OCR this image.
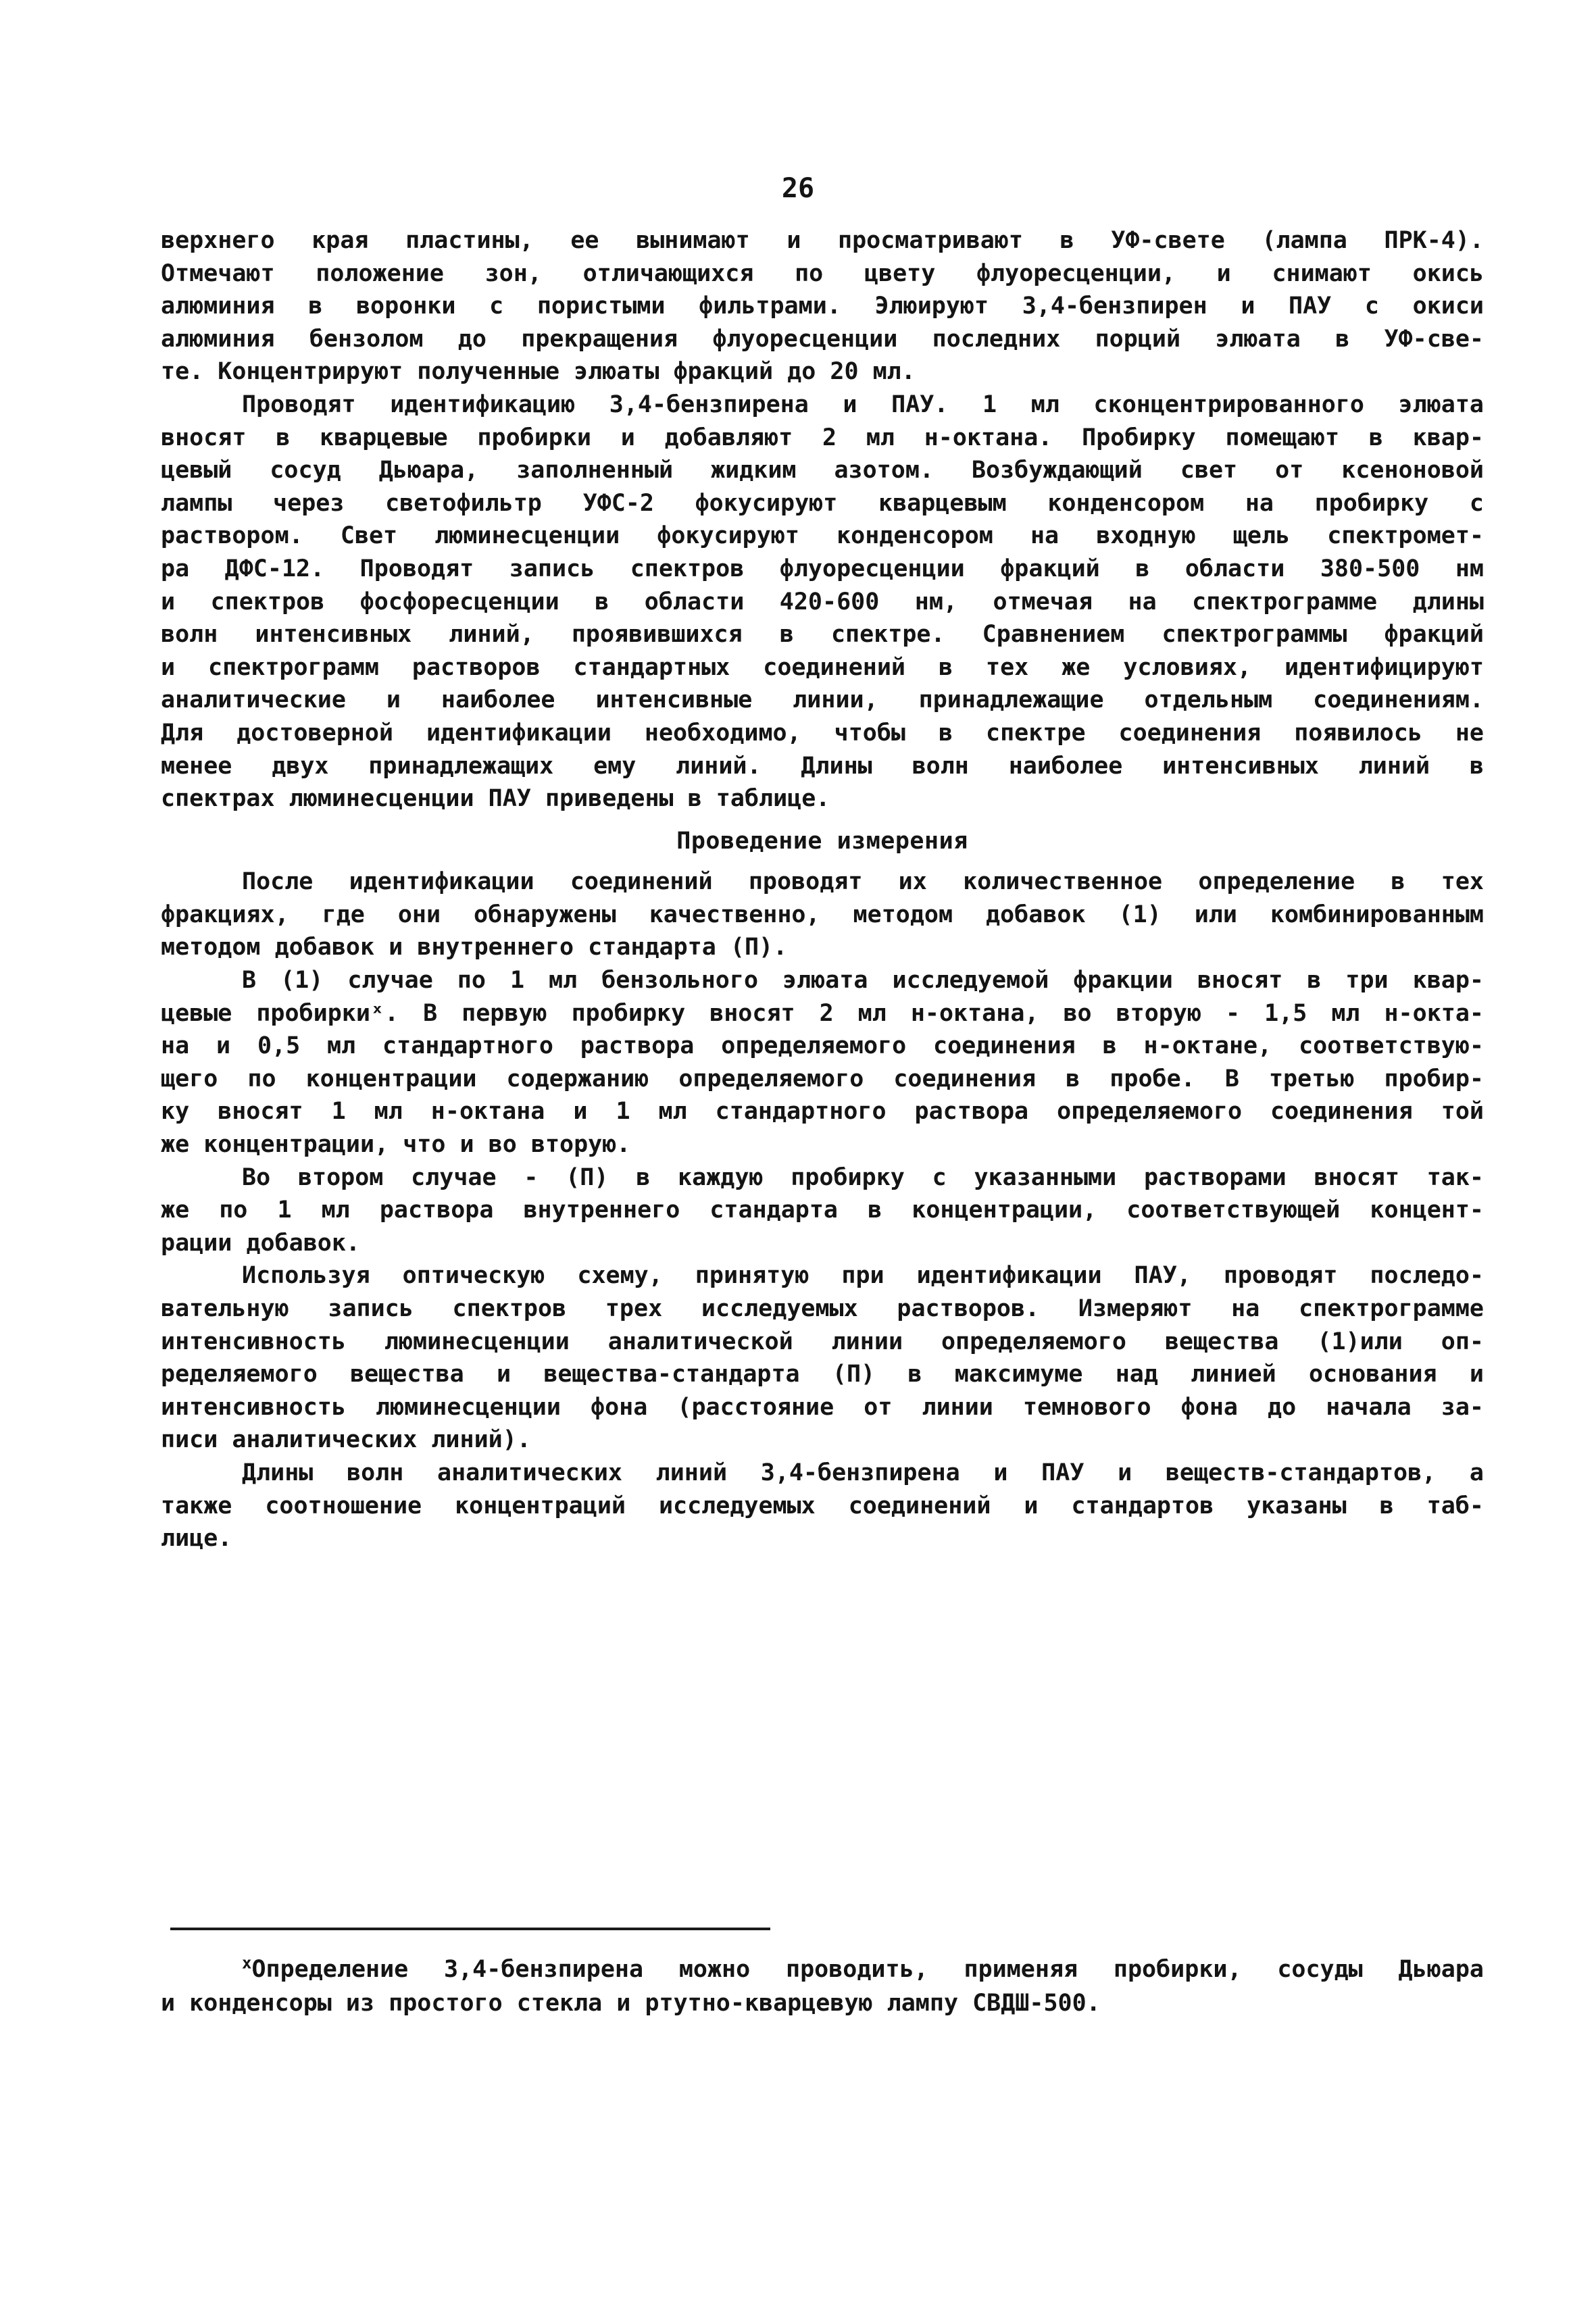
26

верхнего края пластины, ее вынимают и просматривают в УФ-свете (лампа ПРК-4).
Отмечают положение зон, отличающихся по цвету флуоресценции, и снимают окись
алюминия в воронки с пористыми фильтрами. Элюируют 3,4-бензпирен и ПАУ с окиси
алюминия бензолом до прекращения флуоресценции последних порций элюата в УФ-све-
те. Концентрируют полученные элюаты фракций до 20 мл.

Проводят идентификацию 3,4-бензпирена и ПАУ. 1 мл сконцентрированного элюата
вносят в кварцевые пробирки и добавляют 2 мл н-октана. Пробирку помещают в квар-
цевый сосуд Дьюара, заполненный жидким азотом. Возбуждающий свет от ксеноновой
лампы через светофильтр УФС-2 фокусируют кварцевым конденсором на пробирку с
раствором. Свет люминесценции фокусируют конденсором на входную щель спектромет-
ра ДФС-12. Проводят запись спектров флуоресценции фракций в области 380-500 нм
и спектров фосфоресценции в области 420-600 нм, отмечая на спектрограмме длины
волн интенсивных линий, проявившихся в спектре. Сравнением спектрограммы фракций
и спектрограмм растворов стандартных соединений в тех же условиях, идентифицируют
аналитические и наиболее интенсивные линии, принадлежащие отдельным соединениям.
Для достоверной идентификации необходимо, чтобы в спектре соединения появилось не
менее двух принадлежащих ему линий. Длины волн наиболее интенсивных линий в
спектрах люминесценции ПАУ приведены в таблице.

Проведение измерения

После идентификации соединений проводят их количественное определение в тех
фракциях, где они обнаружены качественно, методом добавок (1) или комбинированным
методом добавок и внутреннего стандарта (П).

В (1) случае по 1 мл бензольного элюата исследуемой фракции вносят в три квар-
цевые пробиркиˣ. В первую пробирку вносят 2 мл н-октана, во вторую - 1,5 мл н-окта-
на и 0,5 мл стандартного раствора определяемого соединения в н-октане, соответствую-
щего по концентрации содержанию определяемого соединения в пробе. В третью пробир-
ку вносят 1 мл н-октана и 1 мл стандартного раствора определяемого соединения той
же концентрации, что и во вторую.

Во втором случае - (П) в каждую пробирку с указанными растворами вносят так-
же по 1 мл раствора внутреннего стандарта в концентрации, соответствующей концент-
рации добавок.

Используя оптическую схему, принятую при идентификации ПАУ, проводят последо-
вательную запись спектров трех исследуемых растворов. Измеряют на спектрограмме
интенсивность люминесценции аналитической линии определяемого вещества (1)или оп-
ределяемого вещества и вещества-стандарта (П) в максимуме над линией основания и
интенсивность люминесценции фона (расстояние от линии темнового фона до начала за-
писи аналитических линий).

Длины волн аналитических линий 3,4-бензпирена и ПАУ и веществ-стандартов, а
также соотношение концентраций исследуемых соединений и стандартов указаны в таб-
лице.

$^x$Определение 3,4-бензпирена можно проводить, применяя пробирки, сосуды Дьюара
и конденсоры из простого стекла и ртутно-кварцевую лампу СВДШ-500.
